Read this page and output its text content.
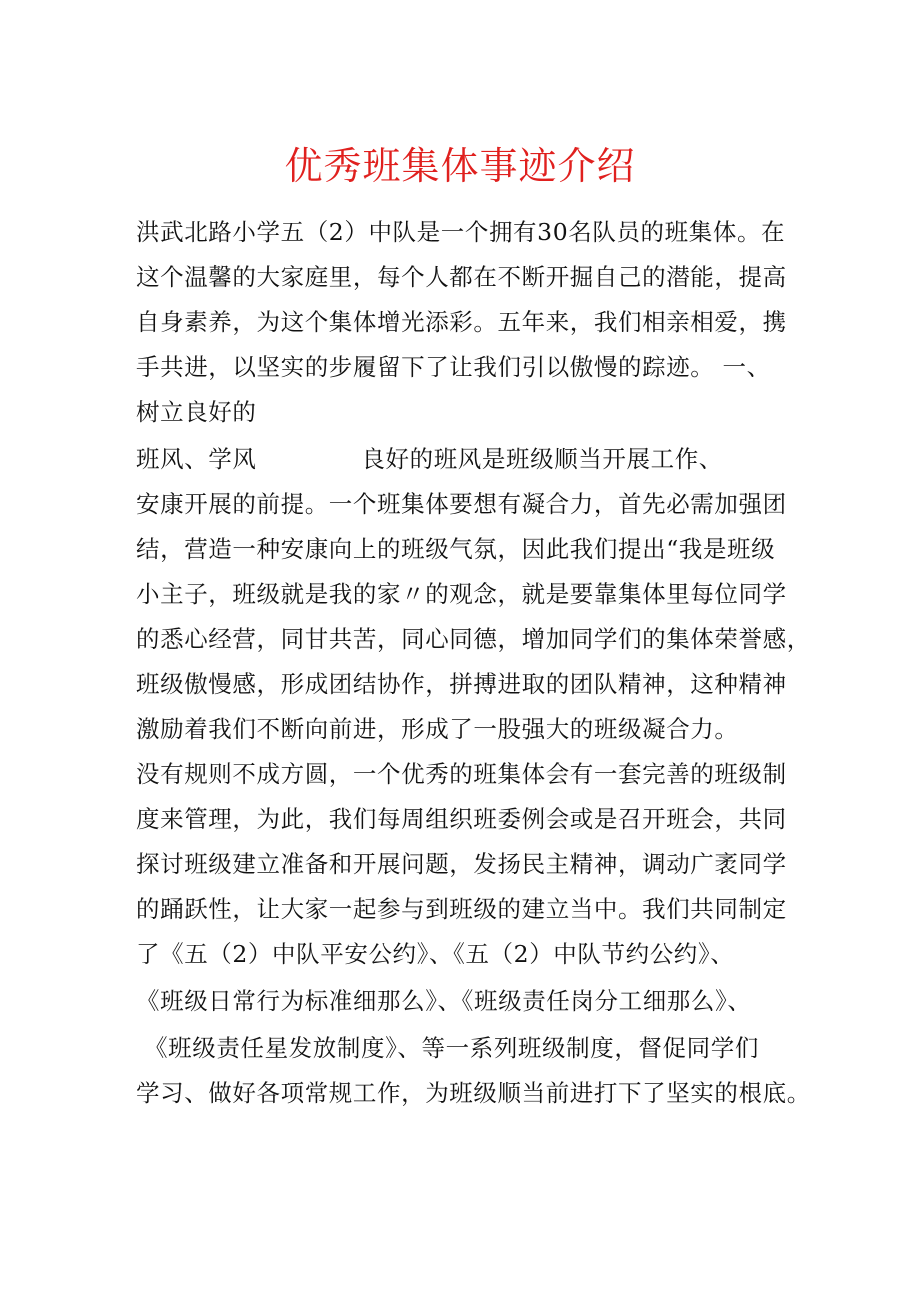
优秀班集体事迹介绍
洪武北路小学五（2）中队是一个拥有30名队员的班集体。在
这个温馨的大家庭里，每个人都在不断开掘自己的潜能，提高
自身素养，为这个集体增光添彩。五年来，我们相亲相爱，携
手共进，以坚实的步履留下了让我们引以傲慢的踪迹。 一、
树立良好的
班风、学风             良好的班风是班级顺当开展工作、
安康开展的前提。一个班集体要想有凝合力，首先必需加强团
结，营造一种安康向上的班级气氛，因此我们提出“我是班级
小主子，班级就是我的家〃的观念，就是要靠集体里每位同学
的悉心经营，同甘共苦，同心同德，增加同学们的集体荣誉感，
班级傲慢感，形成团结协作，拼搏进取的团队精神，这种精神
激励着我们不断向前进，形成了一股强大的班级凝合力。
没有规则不成方圆，一个优秀的班集体会有一套完善的班级制
度来管理，为此，我们每周组织班委例会或是召开班会，共同
探讨班级建立准备和开展问题，发扬民主精神，调动广袤同学
的踊跃性，让大家一起参与到班级的建立当中。我们共同制定
了《五（2）中队平安公约》、《五（2）中队节约公约》、
《班级日常行为标准细那么》、《班级责任岗分工细那么》、
《班级责任星发放制度》、等一系列班级制度，督促同学们
学习、做好各项常规工作，为班级顺当前进打下了坚实的根底。
